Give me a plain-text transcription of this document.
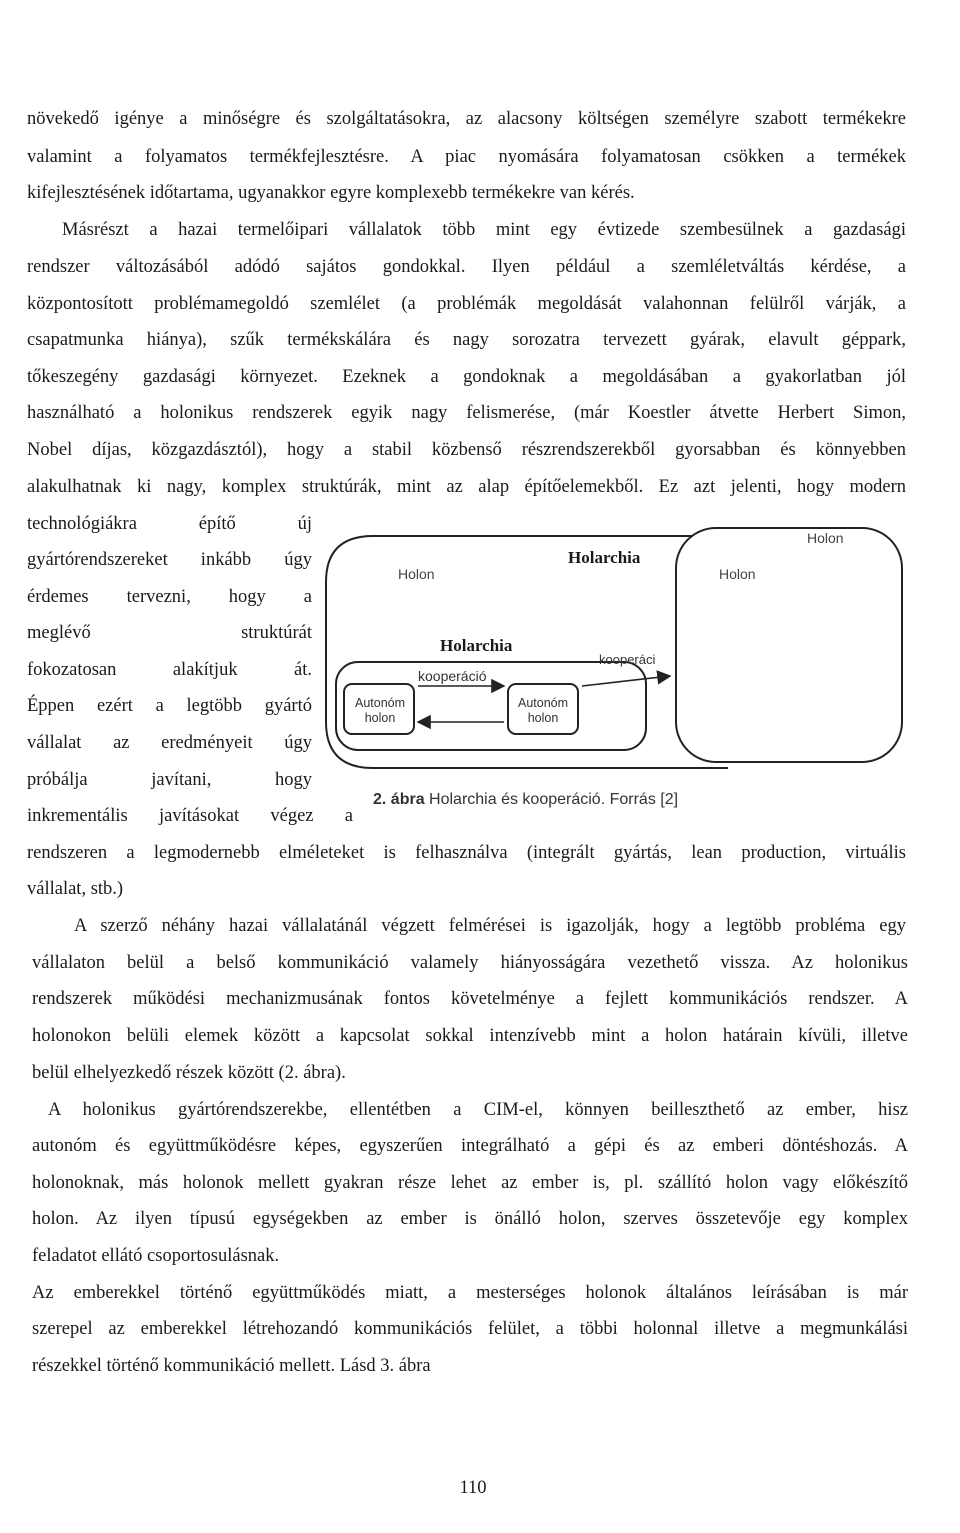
növekedő igénye a minőségre és szolgáltatásokra, az alacsony költségen személyre szabott termékekre
valamint a folyamatos termékfejlesztésre. A piac nyomására folyamatosan csökken a termékek
kifejlesztésének időtartama, ugyanakkor egyre komplexebb termékekre van kérés.
Másrészt a hazai termelőipari vállalatok több mint egy évtizede szembesülnek a gazdasági
rendszer változásából adódó sajátos gondokkal. Ilyen például a szemléletváltás kérdése, a
központosított problémamegoldó szemlélet (a problémák megoldását valahonnan felülről várják, a
csapatmunka hiánya), szűk termékskálára és nagy sorozatra tervezett gyárak, elavult géppark,
tőkeszegény gazdasági környezet. Ezeknek a gondoknak a megoldásában a gyakorlatban jól
használható a holonikus rendszerek egyik nagy felismerése, (már Koestler átvette Herbert Simon,
Nobel díjas, közgazdásztól), hogy a stabil közbenső részrendszerekből gyorsabban és könnyebben
alakulhatnak ki nagy, komplex struktúrák, mint az alap építőelemekből. Ez azt jelenti, hogy modern
technológiákra építő új
gyártórendszereket inkább úgy
érdemes tervezni, hogy a
meglévő struktúrát
fokozatosan alakítjuk át.
Éppen ezért a legtöbb gyártó
vállalat az eredményeit úgy
próbálja javítani, hogy
inkrementális javításokat végez a
rendszeren a legmodernebb elméleteket is felhasználva (integrált gyártás, lean production, virtuális
vállalat, stb.)
Holarchia
Holon	Holon
Holon
Holarchia
kooperáció
kooperáci
Autonóm
holon
Autonóm
holon
2. ábra Holarchia és kooperáció. Forrás [2]
A szerző néhány hazai vállalatánál végzett felmérései is igazolják, hogy a legtöbb probléma egy
vállalaton belül a belső kommunikáció valamely hiányosságára vezethető vissza. Az holonikus
rendszerek működési mechanizmusának fontos követelménye a fejlett kommunikációs rendszer. A
holonokon belüli elemek között a kapcsolat sokkal intenzívebb mint a holon határain kívüli, illetve
belül elhelyezkedő részek között (2. ábra).
A holonikus gyártórendszerekbe, ellentétben a CIM-el, könnyen beilleszthető az ember, hisz
autonóm és együttműködésre képes, egyszerűen integrálható a gépi és az emberi döntéshozás. A
holonoknak, más holonok mellett gyakran része lehet az ember is, pl. szállító holon vagy előkészítő
holon. Az ilyen típusú egységekben az ember is önálló holon, szerves összetevője egy komplex
feladatot ellátó csoportosulásnak.
Az emberekkel történő együttműködés miatt, a mesterséges holonok általános leírásában is már
szerepel az emberekkel létrehozandó kommunikációs felület, a többi holonnal illetve a megmunkálási
részekkel történő kommunikáció mellett. Lásd 3. ábra
110
